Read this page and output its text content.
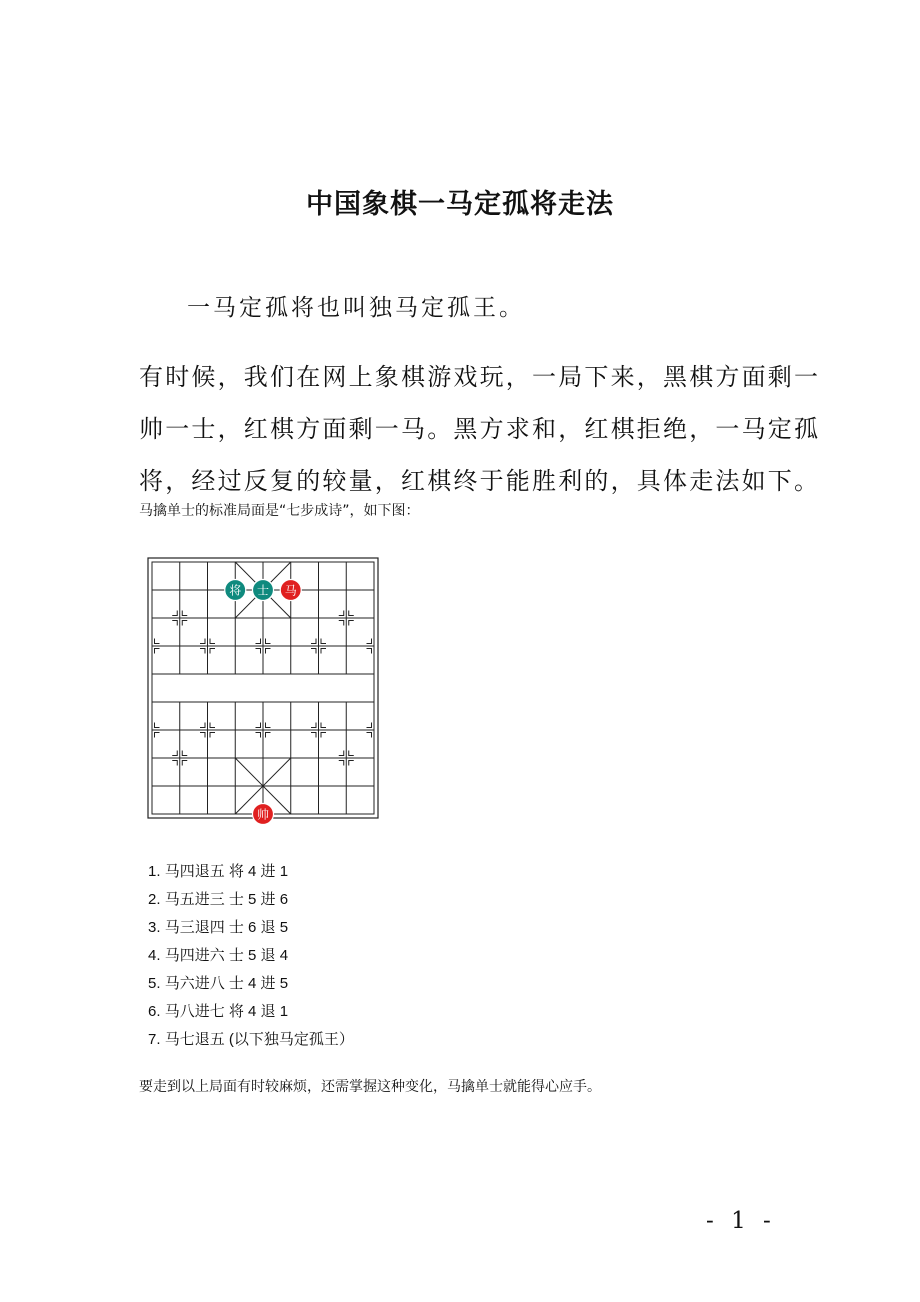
中国象棋一马定孤将走法
一马定孤将也叫独马定孤王。

有时候，我们在网上象棋游戏玩，一局下来，黑棋方面剩一
帅一士，红棋方面剩一马。黑方求和，红棋拒绝，一马定孤
将，经过反复的较量，红棋终于能胜利的，具体走法如下。

马擒单士的标准局面是“七步成诗”，如下图：
将 士 马
帅
1. 马四退五 将 4 进 1
2. 马五进三 士 5 进 6
3. 马三退四 士 6 退 5
4. 马四进六 士 5 退 4
5. 马六进八 士 4 进 5
6. 马八进七 将 4 退 1
7. 马七退五 (以下独马定孤王）
要走到以上局面有时较麻烦，还需掌握这种变化，马擒单士就能得心应手。
- 1 -
